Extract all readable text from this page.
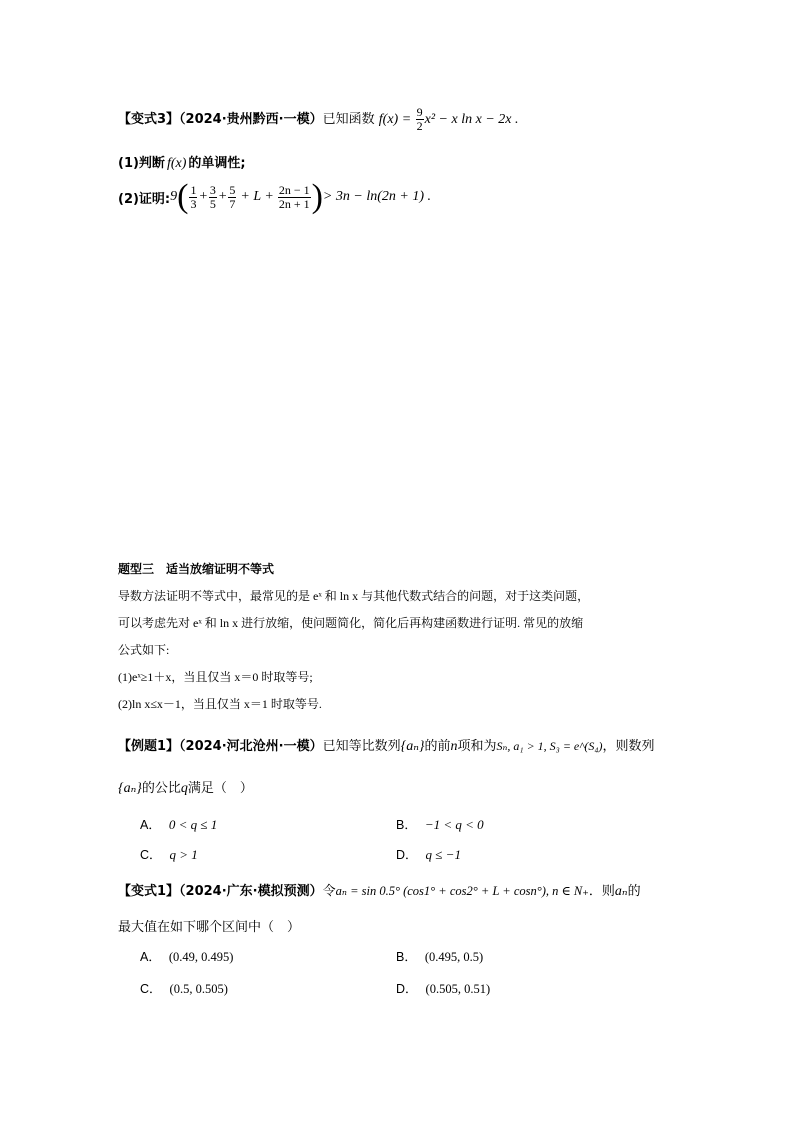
【变式3】（2024·贵州黔西·一模）已知函数 $f(x) = \frac{9}{2} x^2 - x$ ln x − 2x .
(1)判断 f(x) 的单调性;
(2)证明: 9 ( $\frac{1}{3} + \frac{3}{5} + \frac{5}{7} + L + \frac{2n - 1}{2n + 1}$ ) > 3n − ln(2n + 1) .
题型三　适当放缩证明不等式
导数方法证明不等式中，最常见的是 eˣ 和 ln x 与其他代数式结合的问题，对于这类问题，
可以考虑先对 eˣ 和 ln x 进行放缩，使问题简化，简化后再构建函数进行证明. 常见的放缩
公式如下:
(1)eˣ≥1＋x，当且仅当 x＝0 时取等号;
(2)ln x≤x－1，当且仅当 x＝1 时取等号.
【例题1】（2024·河北沧州·一模）已知等比数列{aₙ}的前n项和为Sₙ, a₁ > 1, S₃ = e^(S₄)，则数列
{aₙ}的公比q满足（　）
A． 0 < q ≤ 1	B． −1 < q < 0
C． q > 1	D． q ≤ −1
【变式1】（2024·广东·模拟预测）令aₙ = sin 0.5° (cos1° + cos2° + L + cosn°), n ∈ N₊．则aₙ的
最大值在如下哪个区间中（　）
A． (0.49, 0.495)	B． (0.495, 0.5)
C． (0.5, 0.505)	D． (0.505, 0.51)
